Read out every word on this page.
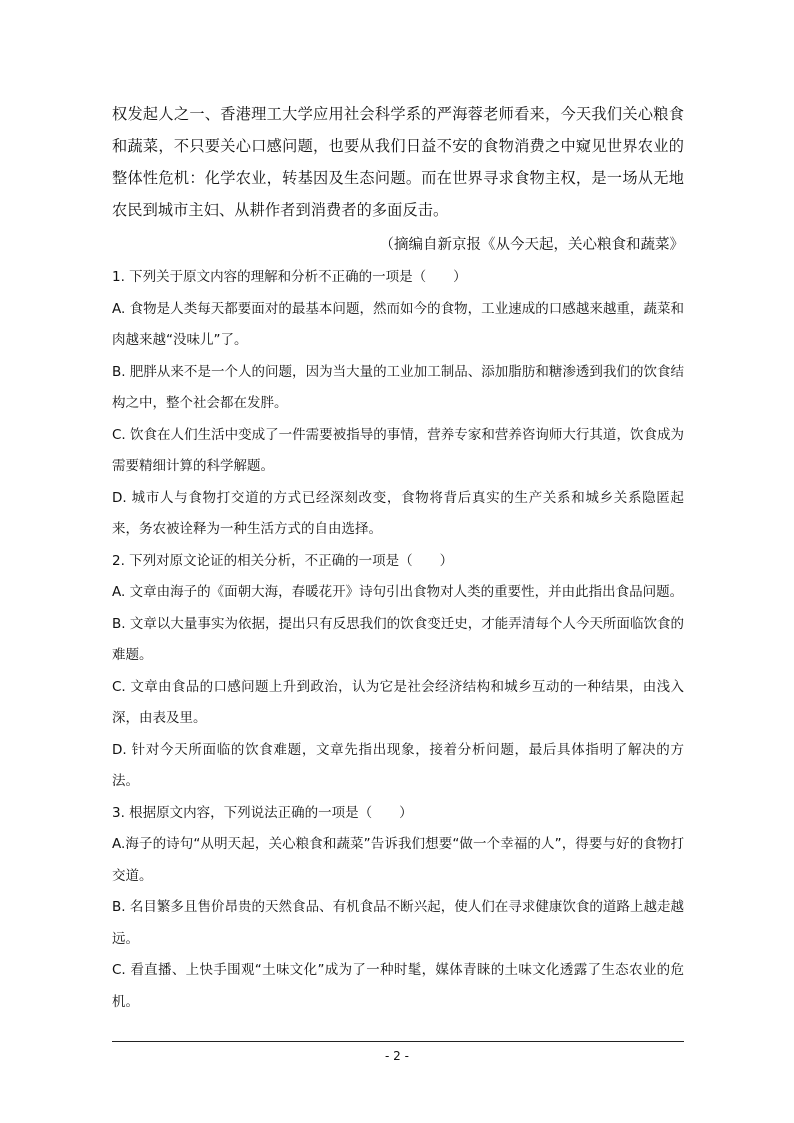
权发起人之一、香港理工大学应用社会科学系的严海蓉老师看来，今天我们关心粮食和蔬菜，不只要关心口感问题，也要从我们日益不安的食物消费之中窥见世界农业的整体性危机：化学农业，转基因及生态问题。而在世界寻求食物主权，是一场从无地农民到城市主妇、从耕作者到消费者的多面反击。

（摘编自新京报《从今天起，关心粮食和蔬菜》

1. 下列关于原文内容的理解和分析不正确的一项是（　　）

A. 食物是人类每天都要面对的最基本问题，然而如今的食物，工业速成的口感越来越重，蔬菜和肉越来越“没味儿”了。

B. 肥胖从来不是一个人的问题，因为当大量的工业加工制品、添加脂肪和糖渗透到我们的饮食结构之中，整个社会都在发胖。

C. 饮食在人们生活中变成了一件需要被指导的事情，营养专家和营养咨询师大行其道，饮食成为需要精细计算的科学解题。

D. 城市人与食物打交道的方式已经深刻改变，食物将背后真实的生产关系和城乡关系隐匿起来，务农被诠释为一种生活方式的自由选择。

2. 下列对原文论证的相关分析，不正确的一项是（　　）

A. 文章由海子的《面朝大海，春暖花开》诗句引出食物对人类的重要性，并由此指出食品问题。

B. 文章以大量事实为依据，提出只有反思我们的饮食变迁史，才能弄清每个人今天所面临饮食的难题。

C. 文章由食品的口感问题上升到政治，认为它是社会经济结构和城乡互动的一种结果，由浅入深，由表及里。

D. 针对今天所面临的饮食难题，文章先指出现象，接着分析问题，最后具体指明了解决的方法。

3. 根据原文内容，下列说法正确的一项是（　　）

A.海子的诗句“从明天起，关心粮食和蔬菜”告诉我们想要“做一个幸福的人”，得要与好的食物打交道。

B. 名目繁多且售价昂贵的天然食品、有机食品不断兴起，使人们在寻求健康饮食的道路上越走越远。

C. 看直播、上快手围观“土味文化”成为了一种时髦，媒体青睐的土味文化透露了生态农业的危机。

- 2 -
